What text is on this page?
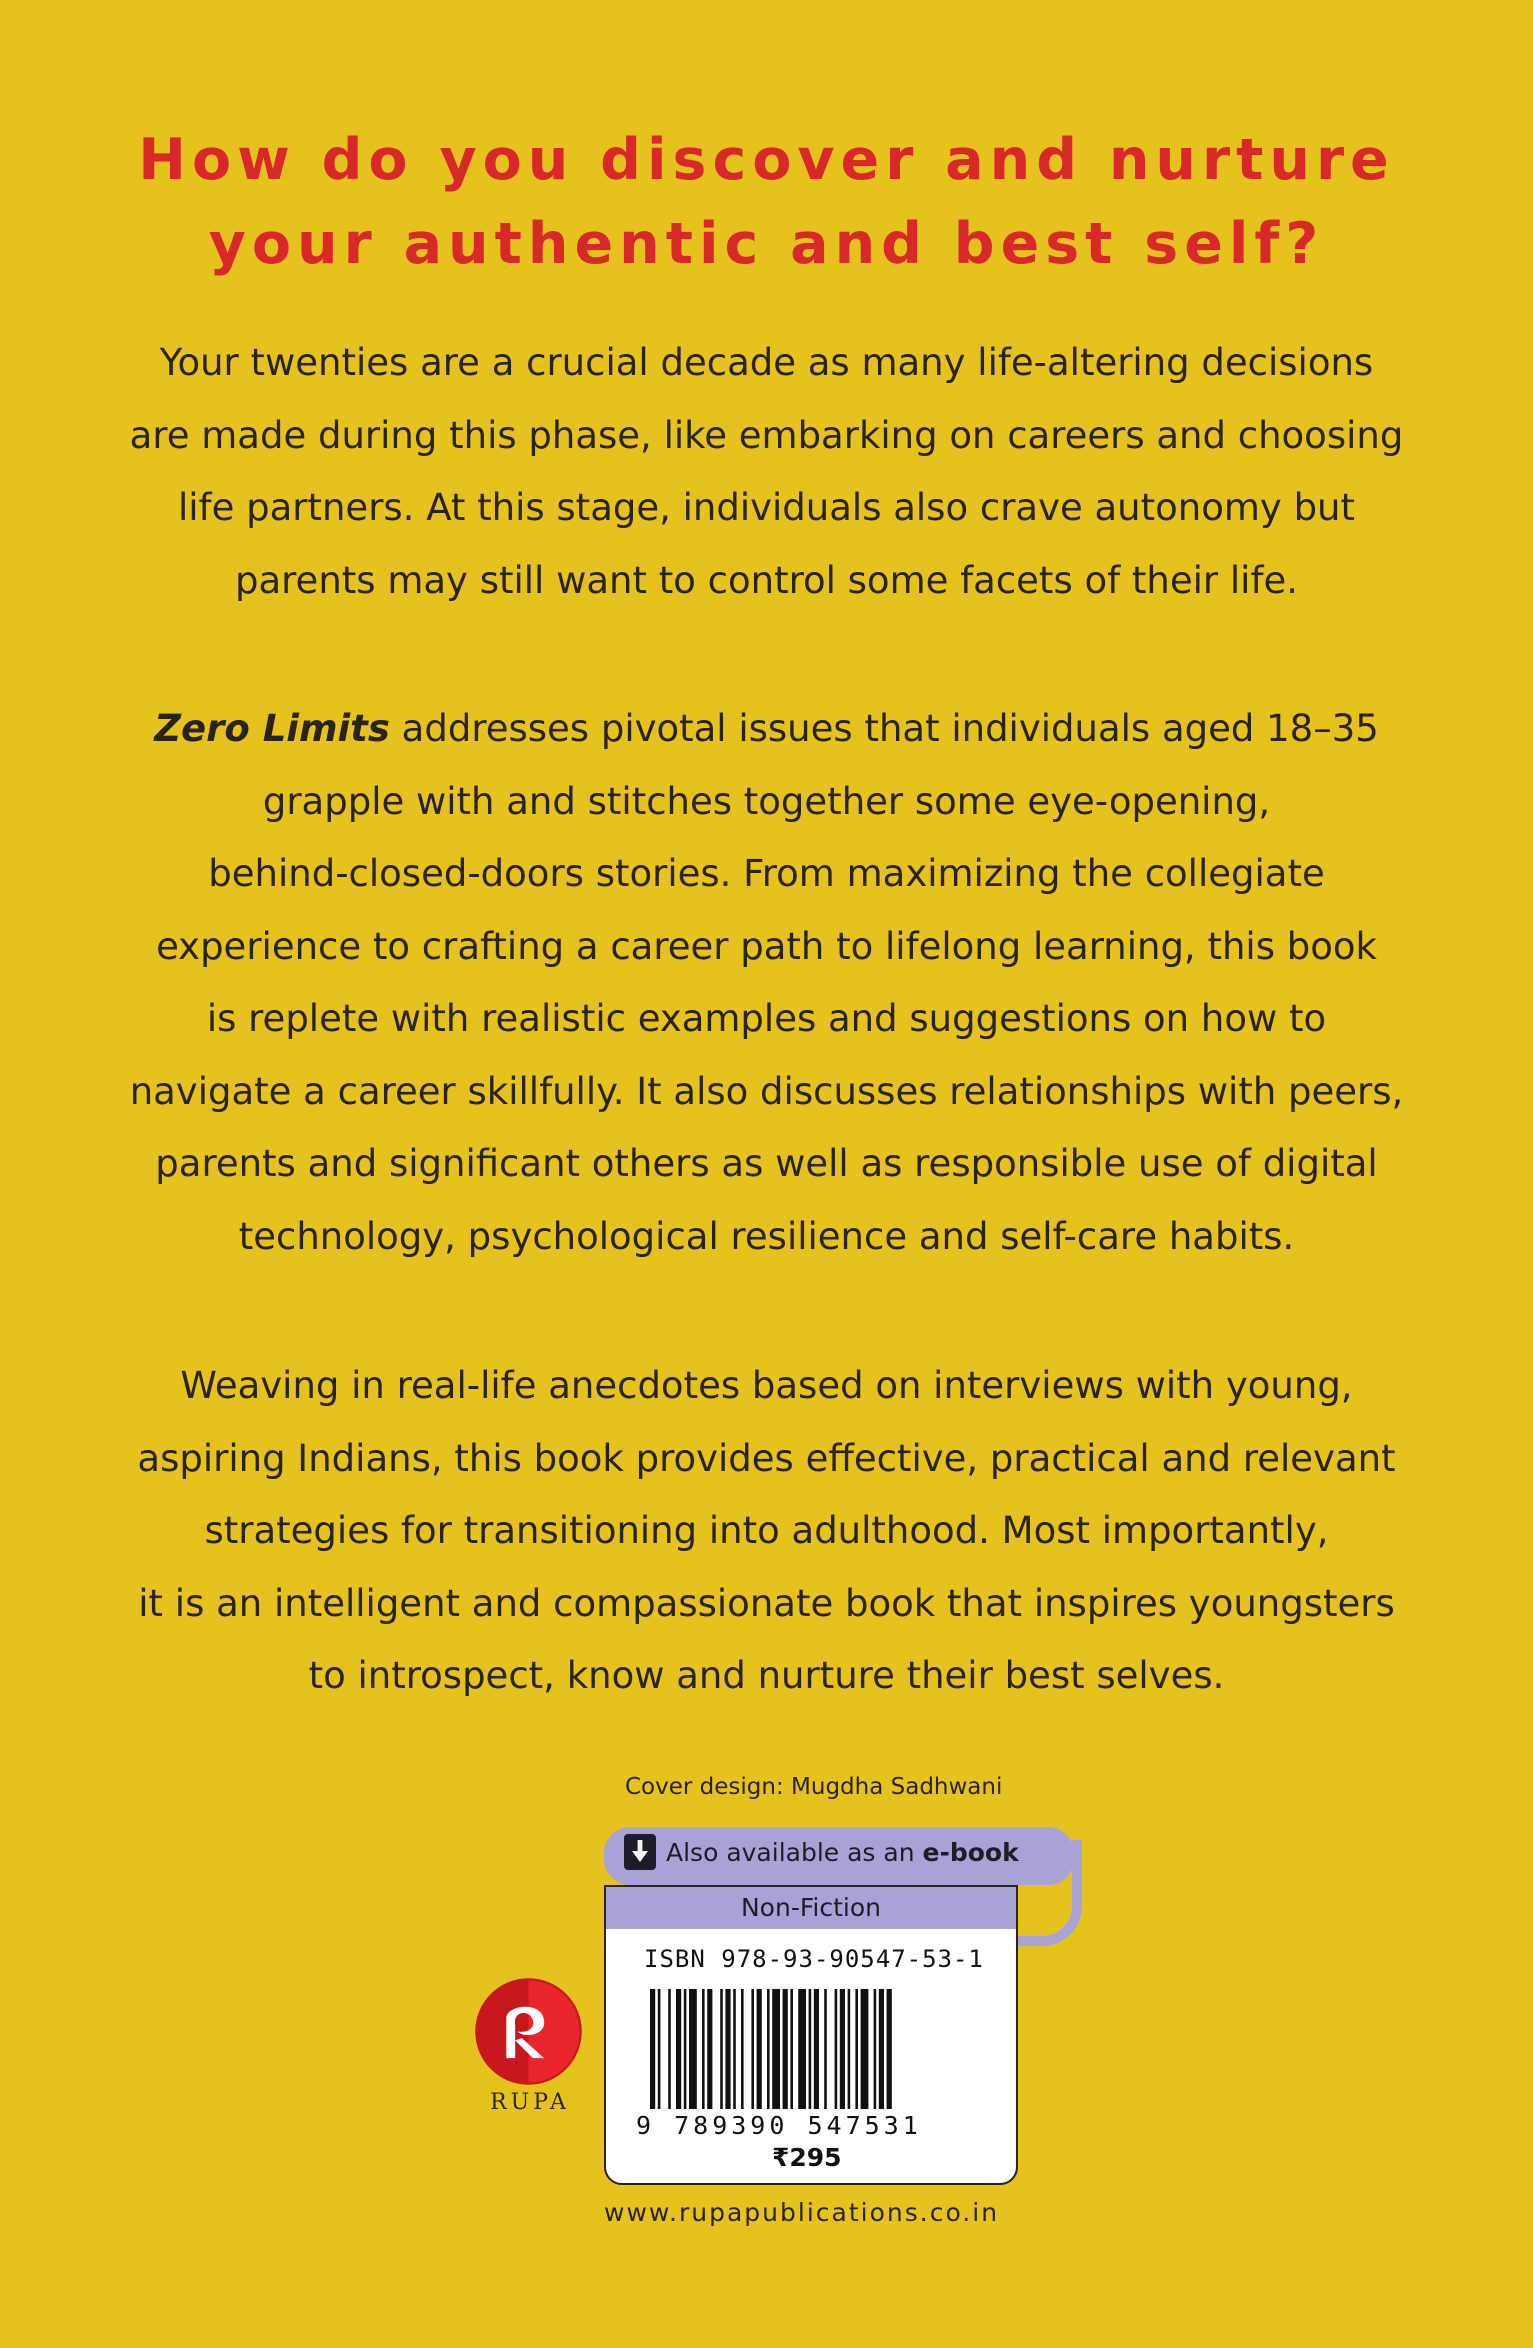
How do you discover and nurture
your authentic and best self?

Your twenties are a crucial decade as many life-altering decisions
are made during this phase, like embarking on careers and choosing
life partners. At this stage, individuals also crave autonomy but
parents may still want to control some facets of their life.

Zero Limits addresses pivotal issues that individuals aged 18–35
grapple with and stitches together some eye-opening,
behind-closed-doors stories. From maximizing the collegiate
experience to crafting a career path to lifelong learning, this book
is replete with realistic examples and suggestions on how to
navigate a career skillfully. It also discusses relationships with peers,
parents and significant others as well as responsible use of digital
technology, psychological resilience and self-care habits.

Weaving in real-life anecdotes based on interviews with young,
aspiring Indians, this book provides effective, practical and relevant
strategies for transitioning into adulthood. Most importantly,
it is an intelligent and compassionate book that inspires youngsters
to introspect, know and nurture their best selves.

Cover design: Mugdha Sadhwani
Also available as an e-book
Non-Fiction
ISBN 978-93-90547-53-1
9 789390 547531
₹295
RUPA
www.rupapublications.co.in
